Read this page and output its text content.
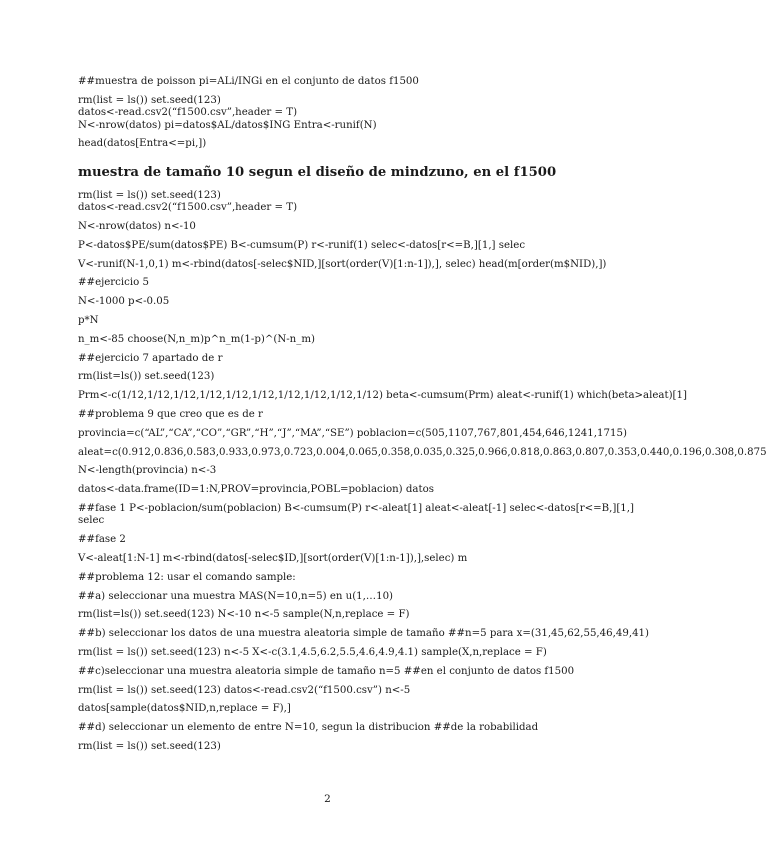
##muestra de poisson pi=ALi/INGi en el conjunto de datos f1500

rm(list = ls()) set.seed(123)
datos<-read.csv2(“f1500.csv”,header = T)
N<-nrow(datos) pi=datos$AL/datos$ING Entra<-runif(N)

head(datos[Entra<=pi,])

muestra de tamaño 10 segun el diseño de mindzuno, en el f1500

rm(list = ls()) set.seed(123)
datos<-read.csv2(“f1500.csv”,header = T)

N<-nrow(datos) n<-10

P<-datos$PE/sum(datos$PE) B<-cumsum(P) r<-runif(1) selec<-datos[r<=B,][1,] selec

V<-runif(N-1,0,1) m<-rbind(datos[-selec$NID,][sort(order(V)[1:n-1]),], selec) head(m[order(m$NID),])

##ejercicio 5

N<-1000 p<-0.05

p*N

n_m<-85 choose(N,n_m)p^n_m(1-p)^(N-n_m)

##ejercicio 7 apartado de r

rm(list=ls()) set.seed(123)

Prm<-c(1/12,1/12,1/12,1/12,1/12,1/12,1/12,1/12,1/12,1/12) beta<-cumsum(Prm) aleat<-runif(1) which(beta>aleat)[1]

##problema 9 que creo que es de r

provincia=c(“AL”,“CA”,“CO”,“GR”,“H”,“J”,“MA”,“SE”) poblacion=c(505,1107,767,801,454,646,1241,1715)

aleat=c(0.912,0.836,0.583,0.933,0.973,0.723,0.004,0.065,0.358,0.035,0.325,0.966,0.818,0.863,0.807,0.353,0.440,0.196,0.308,0.875

N<-length(provincia) n<-3

datos<-data.frame(ID=1:N,PROV=provincia,POBL=poblacion) datos

##fase 1 P<-poblacion/sum(poblacion) B<-cumsum(P) r<-aleat[1] aleat<-aleat[-1] selec<-datos[r<=B,][1,]
selec

##fase 2

V<-aleat[1:N-1] m<-rbind(datos[-selec$ID,][sort(order(V)[1:n-1]),],selec) m

##problema 12: usar el comando sample:

##a) seleccionar una muestra MAS(N=10,n=5) en u(1,…10)

rm(list=ls()) set.seed(123) N<-10 n<-5 sample(N,n,replace = F)

##b) seleccionar los datos de una muestra aleatoria simple de tamaño ##n=5 para x=(31,45,62,55,46,49,41)

rm(list = ls()) set.seed(123) n<-5 X<-c(3.1,4.5,6.2,5.5,4.6,4.9,4.1) sample(X,n,replace = F)

##c)seleccionar una muestra aleatoria simple de tamaño n=5 ##en el conjunto de datos f1500

rm(list = ls()) set.seed(123) datos<-read.csv2(“f1500.csv”) n<-5

datos[sample(datos$NID,n,replace = F),]

##d) seleccionar un elemento de entre N=10, segun la distribucion ##de la robabilidad

rm(list = ls()) set.seed(123)

2
